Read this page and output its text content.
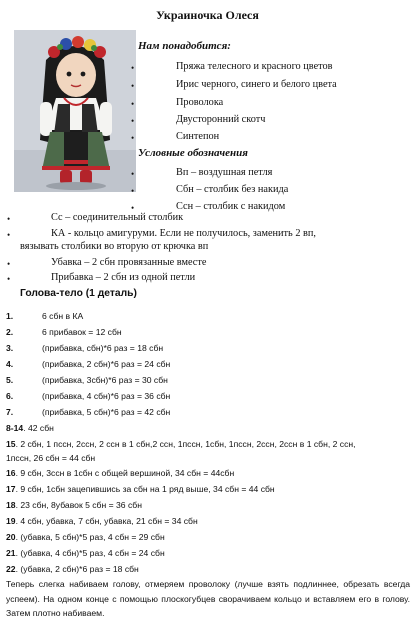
Украиночка Олеся
Нам понадобится:
•	Пряжа телесного и красного цветов
•	Ирис черного, синего и белого цвета
•	Проволока
•	Двусторонний скотч
•	Синтепон
Условные обозначения
•	Вп – воздушная петля
•	Сбн – столбик без накида
•	Ссн – столбик с накидом
•	Сс – соединительный столбик
•	КА - кольцо амигуруми. Если не получилось, заменить 2 вп,
вязывать столбики во вторую от крючка вп
•	Убавка – 2 сбн провязанные вместе
•	Прибавка – 2 сбн из одной петли
Голова-тело (1 деталь)
1.	6 сбн в КА
2.	6 прибавок = 12 сбн
3.	(прибавка, сбн)*6 раз = 18 сбн
4.	(прибавка, 2 сбн)*6 раз = 24 сбн
5.	(прибавка, 3сбн)*6 раз = 30 сбн
6.	(прибавка, 4 сбн)*6 раз = 36 сбн
7.	(прибавка, 5 сбн)*6 раз = 42 сбн
8-14. 42 сбн
15. 2 сбн, 1 пссн, 2ссн, 2 ссн в 1 сбн,2 ссн, 1пссн, 1сбн, 1пссн, 2ссн, 2ссн в 1 сбн, 2 ссн,
1пссн, 26 сбн = 44 сбн
16. 9 сбн, 3ссн в 1сбн с общей вершиной, 34 сбн = 44сбн
17. 9 сбн, 1сбн зацепившись за сбн на 1 ряд выше, 34 сбн = 44 сбн
18. 23 сбн, 8убавок 5 сбн = 36 сбн
19. 4 сбн, убавка, 7 сбн, убавка, 21 сбн = 34 сбн
20. (убавка, 5 сбн)*5 раз, 4 сбн = 29 сбн
21. (убавка, 4 сбн)*5 раз, 4 сбн = 24 сбн
22. (убавка, 2 сбн)*6 раз = 18 сбн
Теперь слегка набиваем голову, отмеряем проволоку (лучше взять подлиннее, обрезать всегда успеем). На одном конце с помощью плоскогубцев сворачиваем кольцо и вставляем его в голову. Затем плотно набиваем.
